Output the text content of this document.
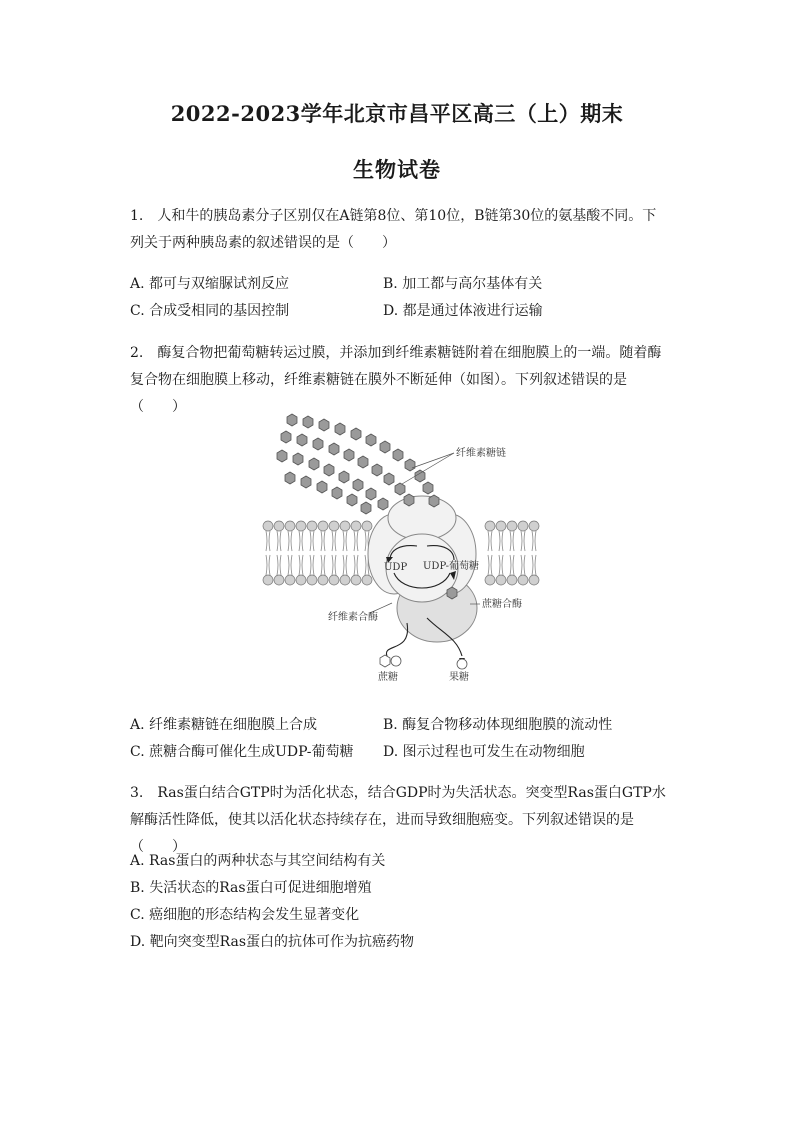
2022-2023学年北京市昌平区高三（上）期末
生物试卷
1. 人和牛的胰岛素分子区别仅在A链第8位、第10位，B链第30位的氨基酸不同。下列关于两种胰岛素的叙述错误的是（　　）
A. 都可与双缩脲试剂反应	B. 加工都与高尔基体有关
C. 合成受相同的基因控制	D. 都是通过体液进行运输
2. 酶复合物把葡萄糖转运过膜，并添加到纤维素糖链附着在细胞膜上的一端。随着酶复合物在细胞膜上移动，纤维素糖链在膜外不断延伸（如图）。下列叙述错误的是（　　）
纤维素糖链
UDP UDP-葡萄糖
蔗糖合酶
纤维素合酶
蔗糖	果糖
A. 纤维素糖链在细胞膜上合成	B. 酶复合物移动体现细胞膜的流动性
C. 蔗糖合酶可催化生成UDP-葡萄糖 D. 图示过程也可发生在动物细胞
3. Ras蛋白结合GTP时为活化状态，结合GDP时为失活状态。突变型Ras蛋白GTP水解酶活性降低，使其以活化状态持续存在，进而导致细胞癌变。下列叙述错误的是（　　）
A. Ras蛋白的两种状态与其空间结构有关
B. 失活状态的Ras蛋白可促进细胞增殖
C. 癌细胞的形态结构会发生显著变化
D. 靶向突变型Ras蛋白的抗体可作为抗癌药物
